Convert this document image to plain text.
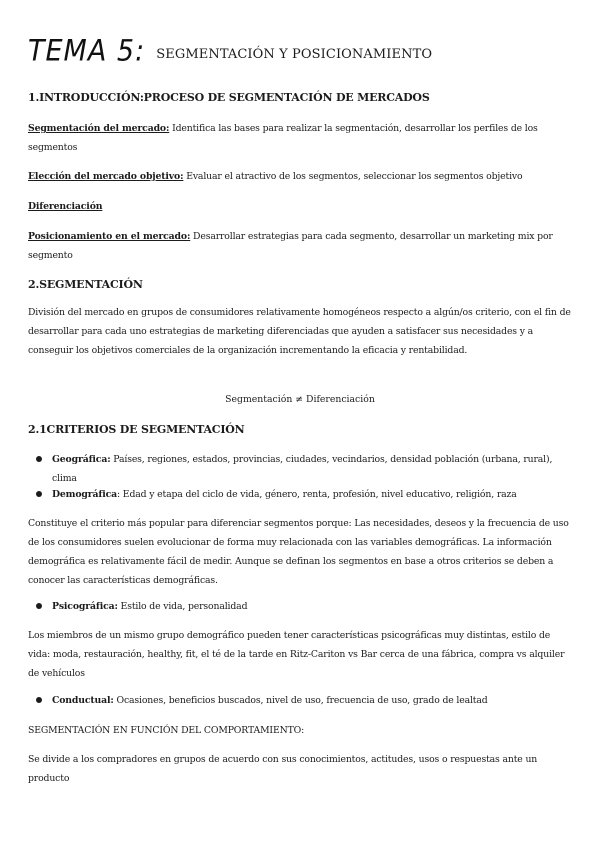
TEMA 5: SEGMENTACIÓN Y POSICIONAMIENTO
1.INTRODUCCIÓN:PROCESO DE SEGMENTACIÓN DE MERCADOS
Segmentación del mercado: Identifica las bases para realizar la segmentación, desarrollar los perfiles de los segmentos
Elección del mercado objetivo: Evaluar el atractivo de los segmentos, seleccionar los segmentos objetivo
Diferenciación
Posicionamiento en el mercado: Desarrollar estrategias para cada segmento, desarrollar un marketing mix por segmento
2.SEGMENTACIÓN
División del mercado en grupos de consumidores relativamente homogéneos respecto a algún/os criterio, con el fin de desarrollar para cada uno estrategias de marketing diferenciadas que ayuden a satisfacer sus necesidades y a conseguir los objetivos comerciales de la organización incrementando la eficacia y rentabilidad.
Segmentación ≠ Diferenciación
2.1CRITERIOS DE SEGMENTACIÓN
Geográfica: Países, regiones, estados, provincias, ciudades, vecindarios, densidad población (urbana, rural), clima
Demográfica: Edad y etapa del ciclo de vida, género, renta, profesión, nivel educativo, religión, raza
Constituye el criterio más popular para diferenciar segmentos porque: Las necesidades, deseos y la frecuencia de uso de los consumidores suelen evolucionar de forma muy relacionada con las variables demográficas. La información demográfica es relativamente fácil de medir. Aunque se definan los segmentos en base a otros criterios se deben a conocer las características demográficas.
Psicográfica: Estilo de vida, personalidad
Los miembros de un mismo grupo demográfico pueden tener características psicográficas muy distintas, estilo de vida: moda, restauración, healthy, fit, el té de la tarde en Ritz-Cariton vs Bar cerca de una fábrica, compra vs alquiler de vehículos
Conductual: Ocasiones, beneficios buscados, nivel de uso, frecuencia de uso, grado de lealtad
SEGMENTACIÓN EN FUNCIÓN DEL COMPORTAMIENTO:
Se divide a los compradores en grupos de acuerdo con sus conocimientos, actitudes, usos o respuestas ante un producto
